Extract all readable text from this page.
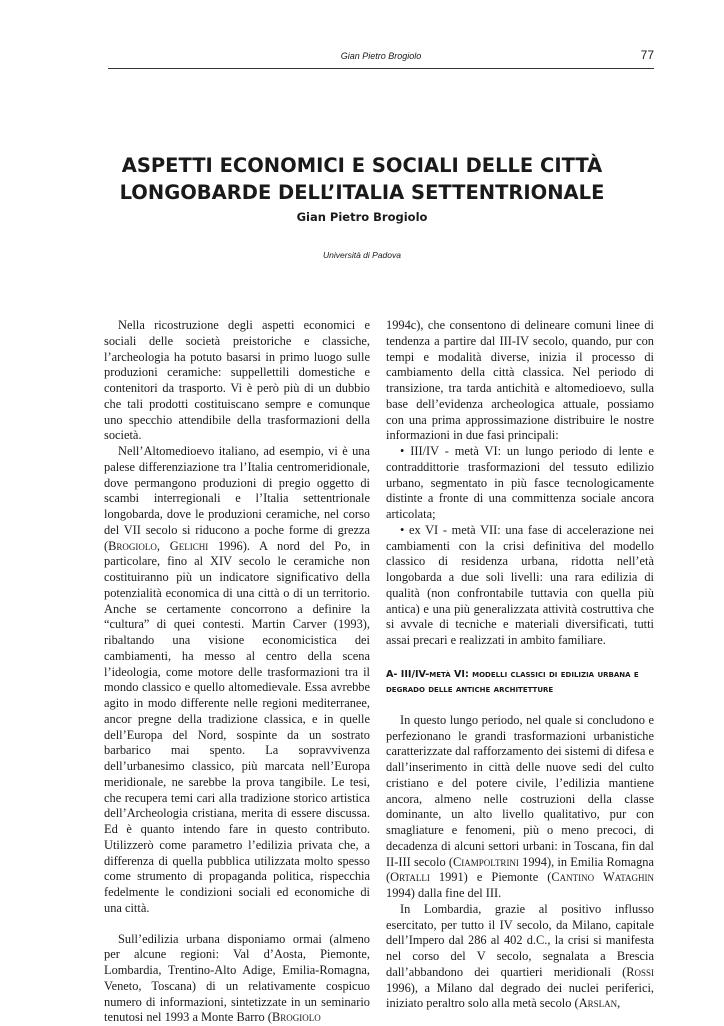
Gian Pietro Brogiolo	77
ASPETTI ECONOMICI E SOCIALI DELLE CITTÀ
LONGOBARDE DELL’ITALIA SETTENTRIONALE
Gian Pietro Brogiolo
Università di Padova

Nella ricostruzione degli aspetti economici e sociali delle società preistoriche e classiche, l’archeologia ha potuto basarsi in primo luogo sulle produzioni ceramiche: suppellettili domestiche e contenitori da trasporto. Vi è però più di un dubbio che tali prodotti costituiscano sempre e comunque uno specchio attendibile della trasformazioni della società.

Nell’Altomedioevo italiano, ad esempio, vi è una palese differenziazione tra l’Italia centromeridionale, dove permangono produzioni di pregio oggetto di scambi interregionali e l’Italia settentrionale longobarda, dove le produzioni ceramiche, nel corso del VII secolo si riducono a poche forme di grezza (Brogiolo, Gelichi 1996). A nord del Po, in particolare, fino al XIV secolo le ceramiche non costituiranno più un indicatore significativo della potenzialità economica di una città o di un territorio. Anche se certamente concorrono a definire la “cultura” di quei contesti. Martin Carver (1993), ribaltando una visione economicistica dei cambiamenti, ha messo al centro della scena l’ideologia, come motore delle trasformazioni tra il mondo classico e quello altomedievale. Essa avrebbe agito in modo differente nelle regioni mediterranee, ancor pregne della tradizione classica, e in quelle dell’Europa del Nord, sospinte da un sostrato barbarico mai spento. La sopravvivenza dell’urbanesimo classico, più marcata nell’Europa meridionale, ne sarebbe la prova tangibile. Le tesi, che recupera temi cari alla tradizione storico artistica dell’Archeologia cristiana, merita di essere discussa. Ed è quanto intendo fare in questo contributo. Utilizzerò come parametro l’edilizia privata che, a differenza di quella pubblica utilizzata molto spesso come strumento di propaganda politica, rispecchia fedelmente le condizioni sociali ed economiche di una città.

Sull’edilizia urbana disponiamo ormai (almeno per alcune regioni: Val d’Aosta, Piemonte, Lombardia, Trentino-Alto Adige, Emilia-Romagna, Veneto, Toscana) di un relativamente cospicuo numero di informazioni, sintetizzate in un seminario tenutosi nel 1993 a Monte Barro (Brogiolo

1994c), che consentono di delineare comuni linee di tendenza a partire dal III-IV secolo, quando, pur con tempi e modalità diverse, inizia il processo di cambiamento della città classica. Nel periodo di transizione, tra tarda antichità e altomedioevo, sulla base dell’evidenza archeologica attuale, possiamo con una prima approssimazione distribuire le nostre informazioni in due fasi principali:

• III/IV - metà VI: un lungo periodo di lente e contraddittorie trasformazioni del tessuto edilizio urbano, segmentato in più fasce tecnologicamente distinte a fronte di una committenza sociale ancora articolata;

• ex VI - metà VII: una fase di accelerazione nei cambiamenti con la crisi definitiva del modello classico di residenza urbana, ridotta nell’età longobarda a due soli livelli: una rara edilizia di qualità (non confrontabile tuttavia con quella più antica) e una più generalizzata attività costruttiva che si avvale di tecniche e materiali diversificati, tutti assai precari e realizzati in ambito familiare.

A- III/IV-metà VI: modelli classici di edilizia urbana e degrado delle antiche architetture

In questo lungo periodo, nel quale si concludono e perfezionano le grandi trasformazioni urbanistiche caratterizzate dal rafforzamento dei sistemi di difesa e dall’inserimento in città delle nuove sedi del culto cristiano e del potere civile, l’edilizia mantiene ancora, almeno nelle costruzioni della classe dominante, un alto livello qualitativo, pur con smagliature e fenomeni, più o meno precoci, di decadenza di alcuni settori urbani: in Toscana, fin dal II-III secolo (Ciampoltrini 1994), in Emilia Romagna (Ortalli 1991) e Piemonte (Cantino Wataghin 1994) dalla fine del III.

In Lombardia, grazie al positivo influsso esercitato, per tutto il IV secolo, da Milano, capitale dell’Impero dal 286 al 402 d.C., la crisi si manifesta nel corso del V secolo, segnalata a Brescia dall’abbandono dei quartieri meridionali (Rossi 1996), a Milano dal degrado dei nuclei periferici, iniziato peraltro solo alla metà secolo (Arslan,
